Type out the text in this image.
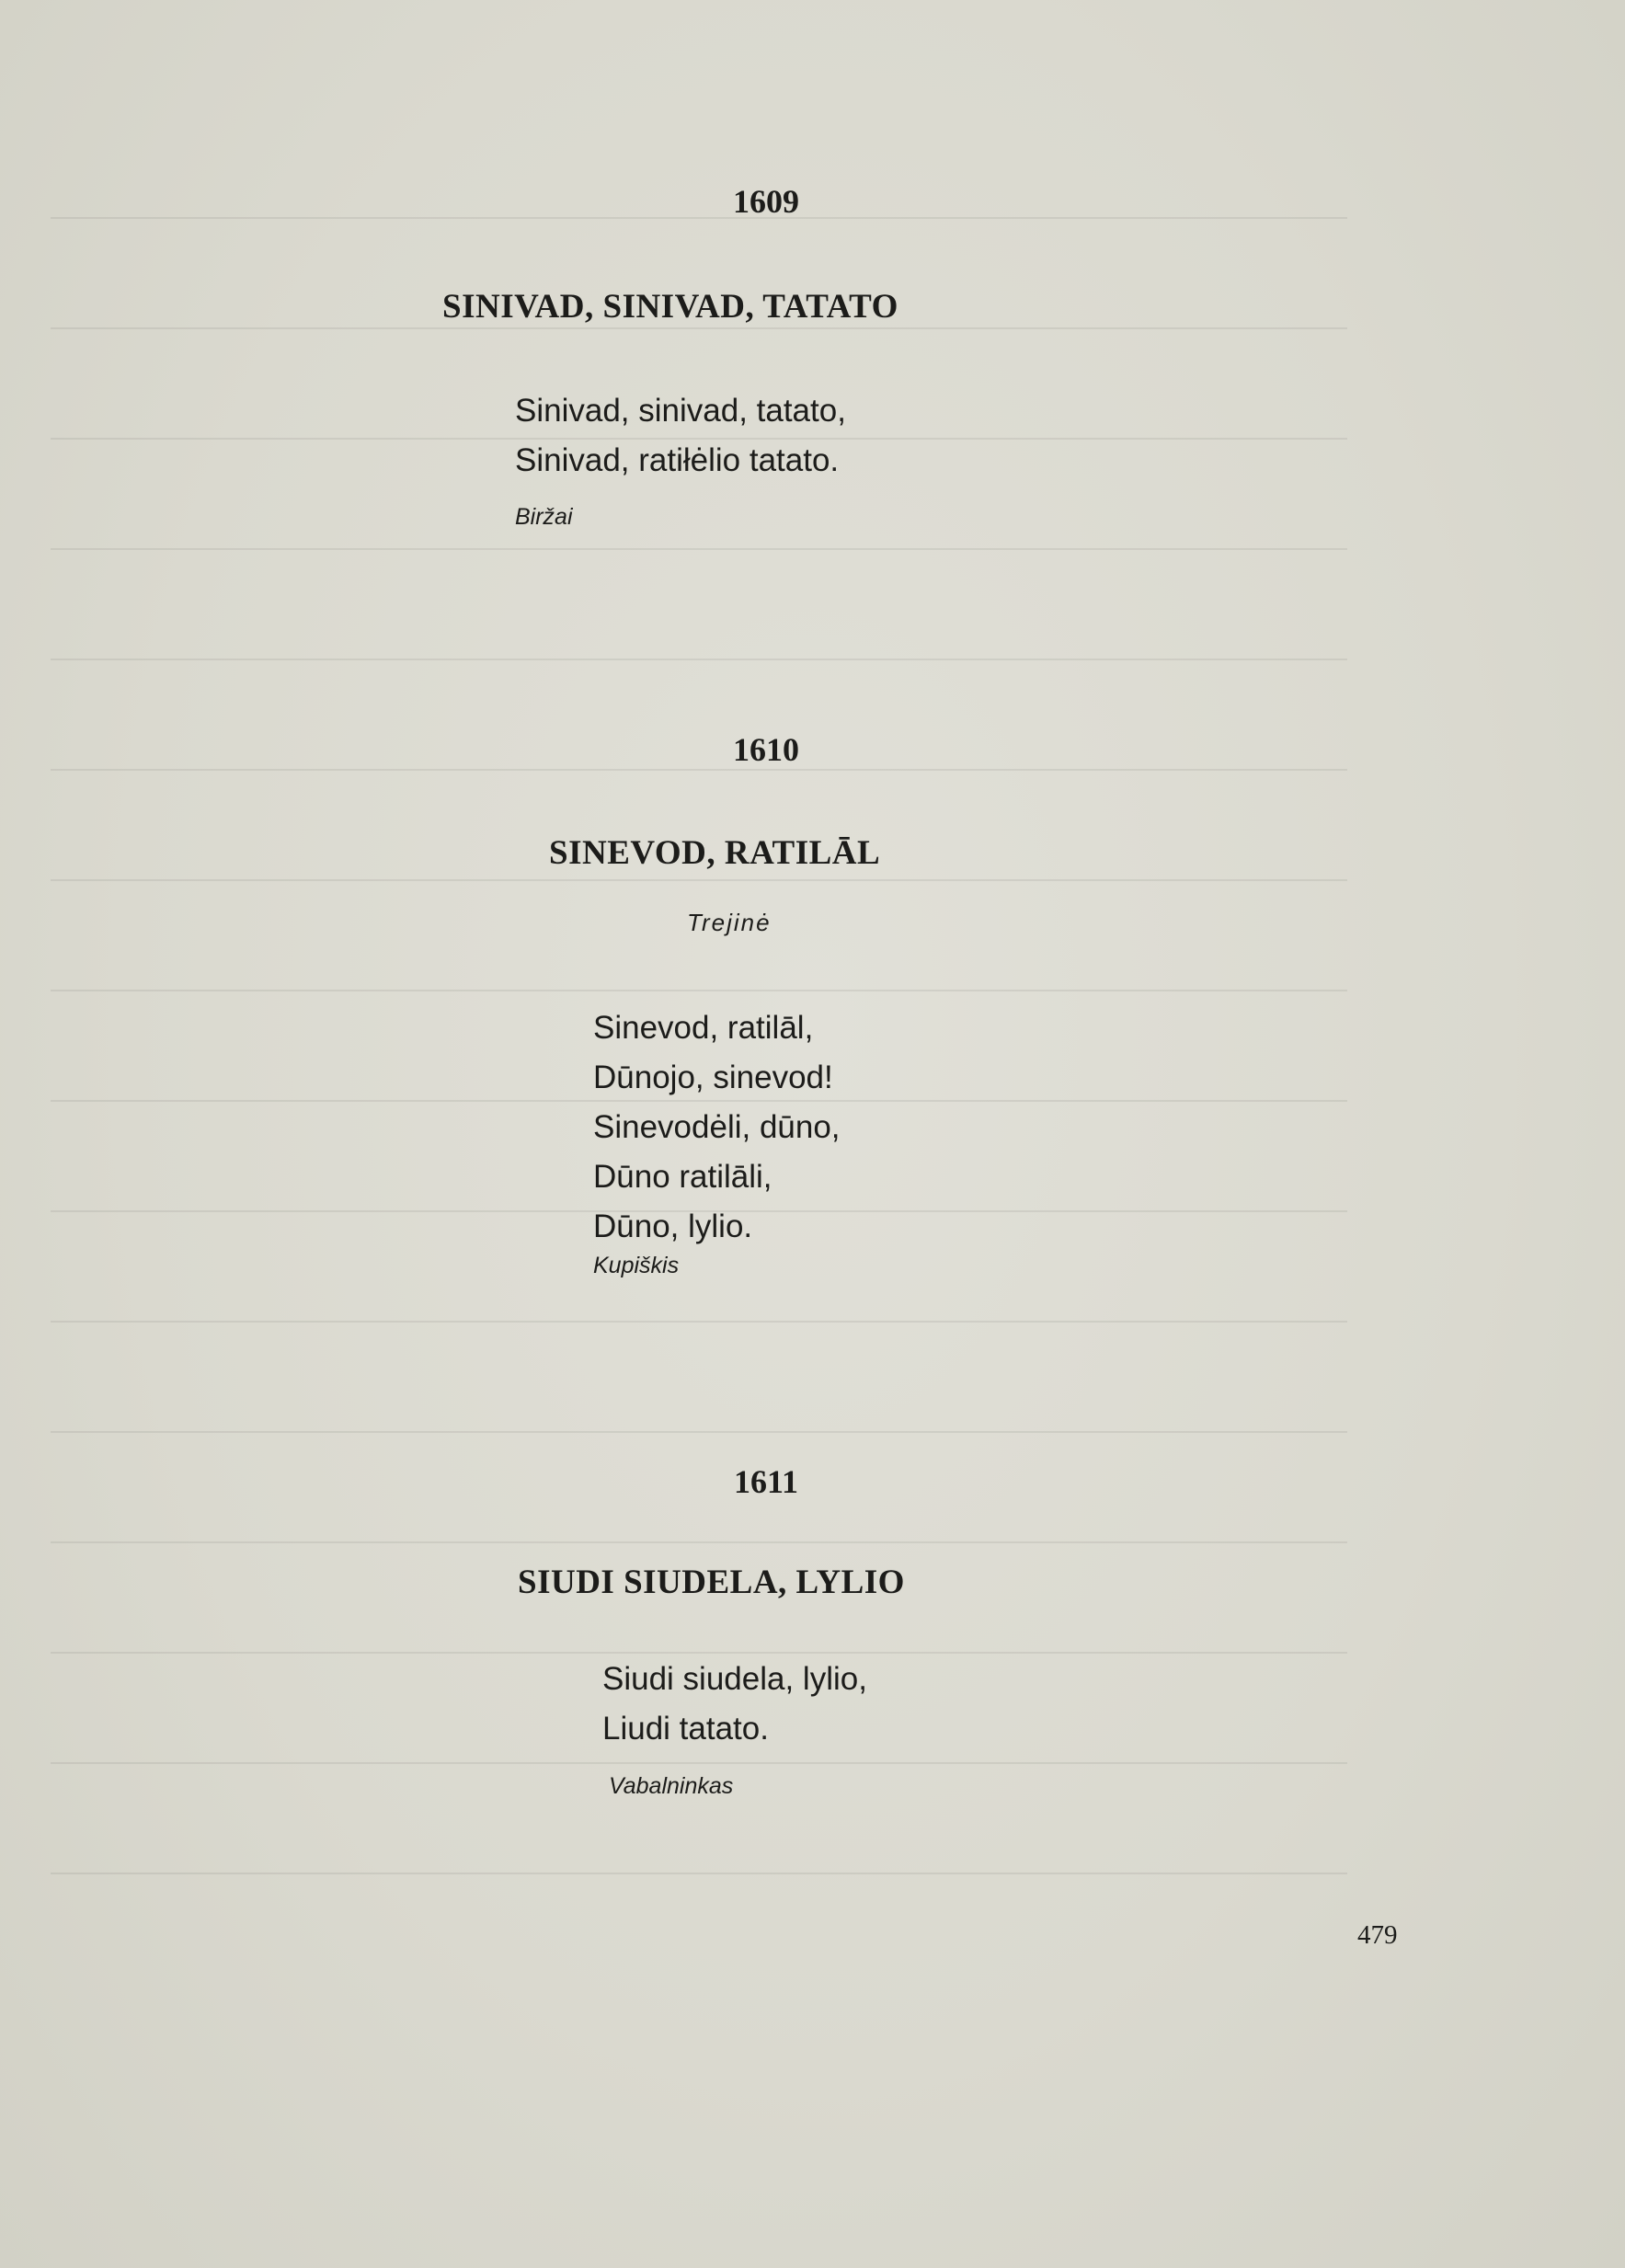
1609
SINIVAD, SINIVAD, TATATO
Sinivad, sinivad, tatato,
Sinivad, ratiłėlio tatato.
Biržai
1610
SINEVOD, RATILĀL
Trejinė
Sinevod, ratilāl,
Dūnojo, sinevod!
Sinevodėli, dūno,
Dūno ratilāli,
Dūno, lylio.
Kupiškis
1611
SIUDI SIUDELA, LYLIO
Siudi siudela, lylio,
Liudi tatato.
Vabalninkas
479
